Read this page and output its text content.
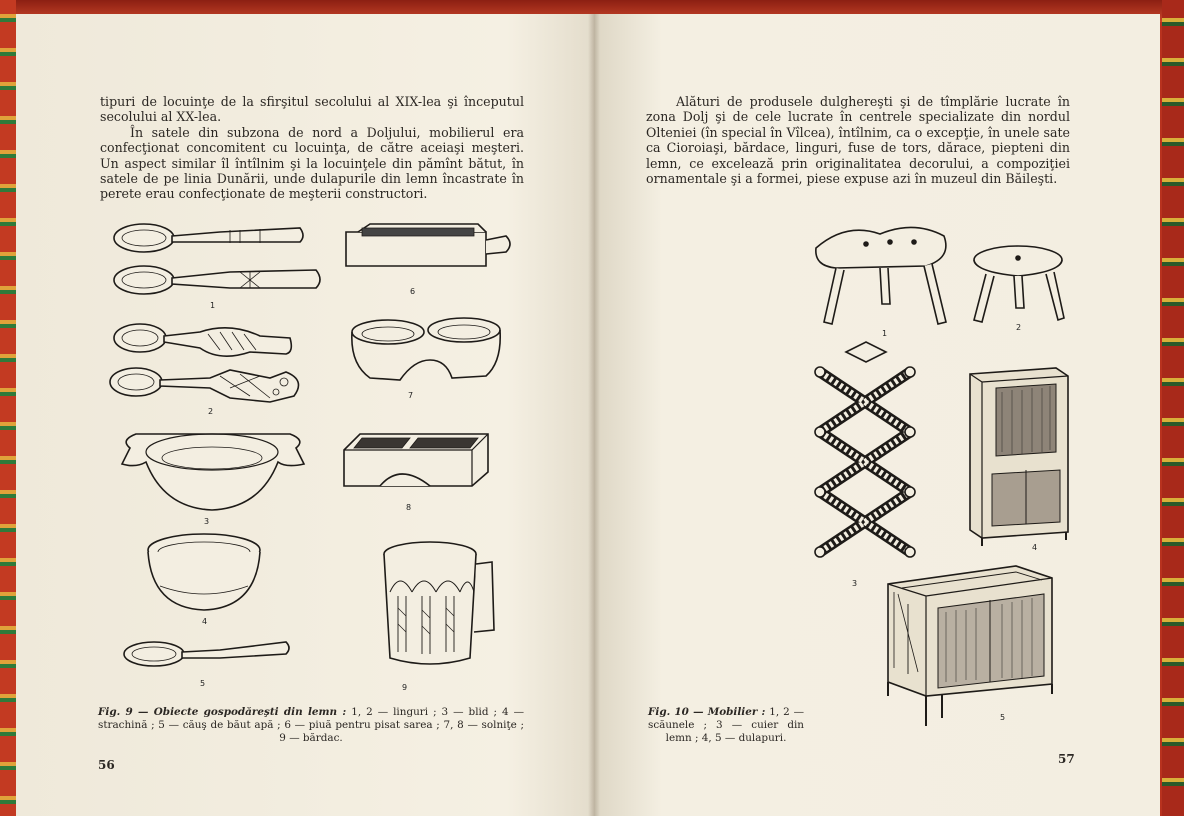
tipuri de locuinţe de la sfirşitul secolului al XIX-lea şi începutul secolului al XX-lea.

În satele din subzona de nord a Doljului, mobilierul era confecţionat concomitent cu locuinţa, de către aceiaşi meşteri. Un aspect similar îl întîlnim şi la locuinţele din pămînt bătut, în satele de pe linia Dunării, unde dulapurile din lemn încastrate în perete erau confecţionate de meşterii constructori.

1
2
3
4
5
6
7
8
9
Fig. 9 — Obiecte gospodăreşti din lemn : 1, 2 — linguri ; 3 — blid ; 4 — strachină ; 5 — căuş de băut apă ; 6 — piuă pentru pisat sarea ; 7, 8 — solniţe ; 9 — bărdac.
56

Alături de produsele dulghereşti şi de tîmplărie lucrate în zona Dolj şi de cele lucrate în centrele specializate din nordul Olteniei (în special în Vîlcea), întîlnim, ca o excepţie, în unele sate ca Cioroiaşi, bărdace, linguri, fuse de tors, dărace, piepteni din lemn, ce excelează prin originalitatea decorului, a compoziţiei ornamentale şi a formei, piese expuse azi în muzeul din Băileşti.

1
2
3
4
5
Fig. 10 — Mobilier : 1, 2 — scăunele ; 3 — cuier din lemn ; 4, 5 — dulapuri.
57
